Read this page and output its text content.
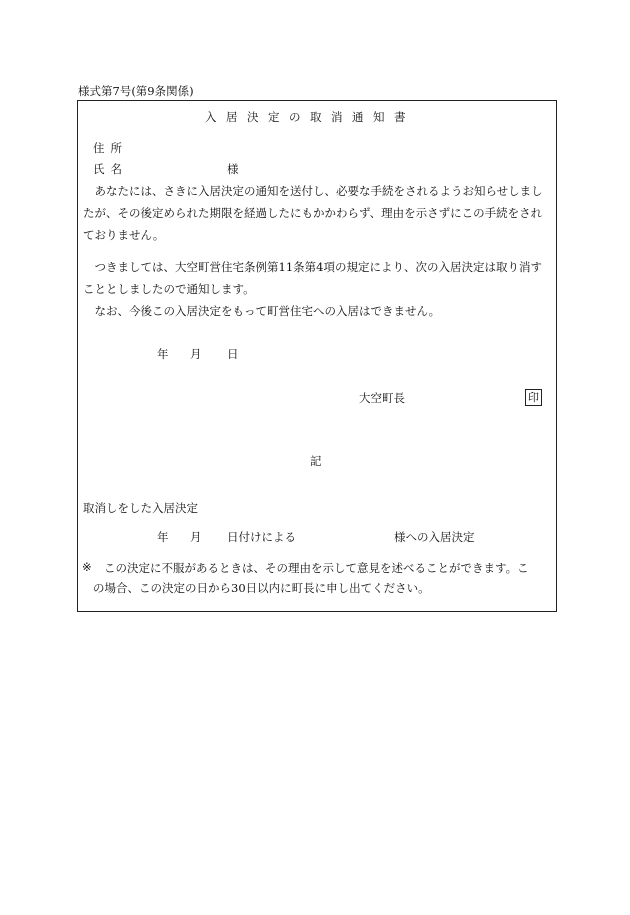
様式第7号(第9条関係)
入居決定の取消通知書
住所
氏名	様
　あなたには、さきに入居決定の通知を送付し、必要な手続をされるようお知らせしましたが、その後定められた期限を経過したにもかかわらず、理由を示さずにこの手続をされておりません。
　つきましては、大空町営住宅条例第11条第4項の規定により、次の入居決定は取り消すこととしましたので通知します。
　なお、今後この入居決定をもって町営住宅への入居はできません。
年 月 日
大空町長	印
記
取消しをした入居決定
年 月 日付けによる	様への入居決定
※ この決定に不服があるときは、その理由を示して意見を述べることができます。こ
の場合、この決定の日から30日以内に町長に申し出てください。
